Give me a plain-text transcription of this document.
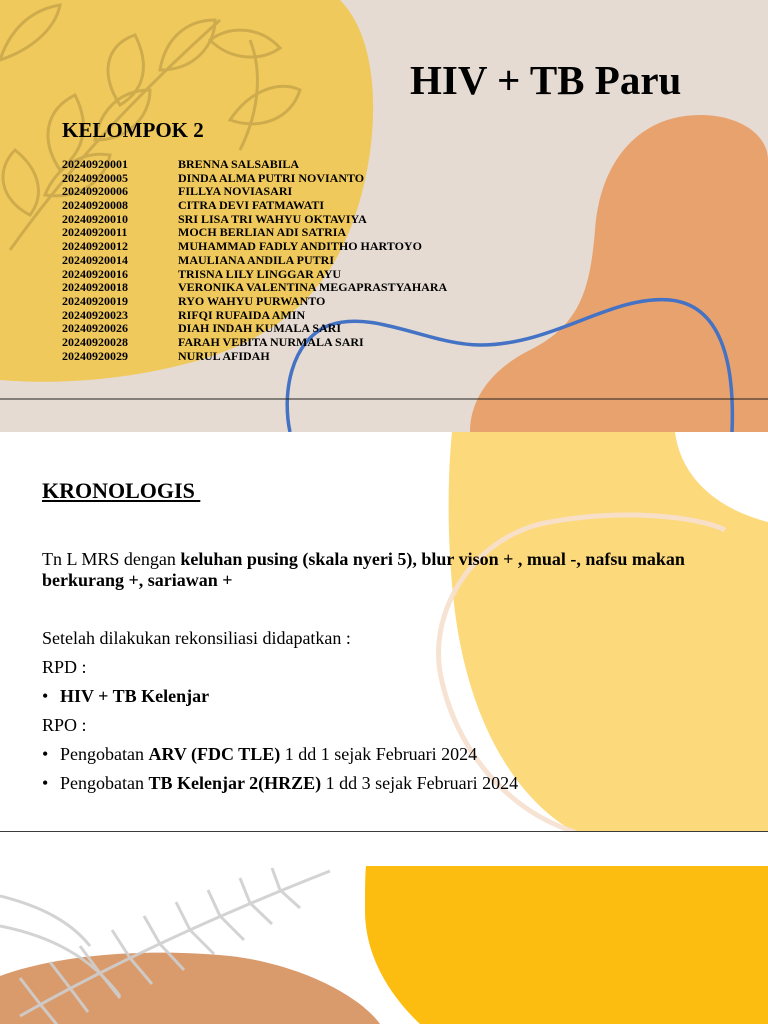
HIV + TB Paru
KELOMPOK 2
20240920001	BRENNA SALSABILA
20240920005	DINDA ALMA PUTRI NOVIANTO
20240920006	FILLYA NOVIASARI
20240920008	CITRA DEVI FATMAWATI
20240920010	SRI LISA TRI WAHYU OKTAVIYA
20240920011	MOCH BERLIAN ADI SATRIA
20240920012	MUHAMMAD FADLY ANDITHO HARTOYO
20240920014	MAULIANA ANDILA PUTRI
20240920016	TRISNA LILY LINGGAR AYU
20240920018	VERONIKA VALENTINA MEGAPRASTYAHARA
20240920019	RYO WAHYU PURWANTO
20240920023	RIFQI RUFAIDA AMIN
20240920026	DIAH INDAH KUMALA SARI
20240920028	FARAH VEBITA NURMALA SARI
20240920029	NURUL AFIDAH
KRONOLOGIS
Tn L MRS dengan keluhan pusing (skala nyeri 5), blur vison + , mual -, nafsu makan
berkurang +, sariawan +
Setelah dilakukan rekonsiliasi didapatkan :
RPD :
• HIV + TB Kelenjar
RPO :
• Pengobatan ARV (FDC TLE) 1 dd 1 sejak Februari 2024
• Pengobatan TB Kelenjar 2(HRZE) 1 dd 3 sejak Februari 2024
